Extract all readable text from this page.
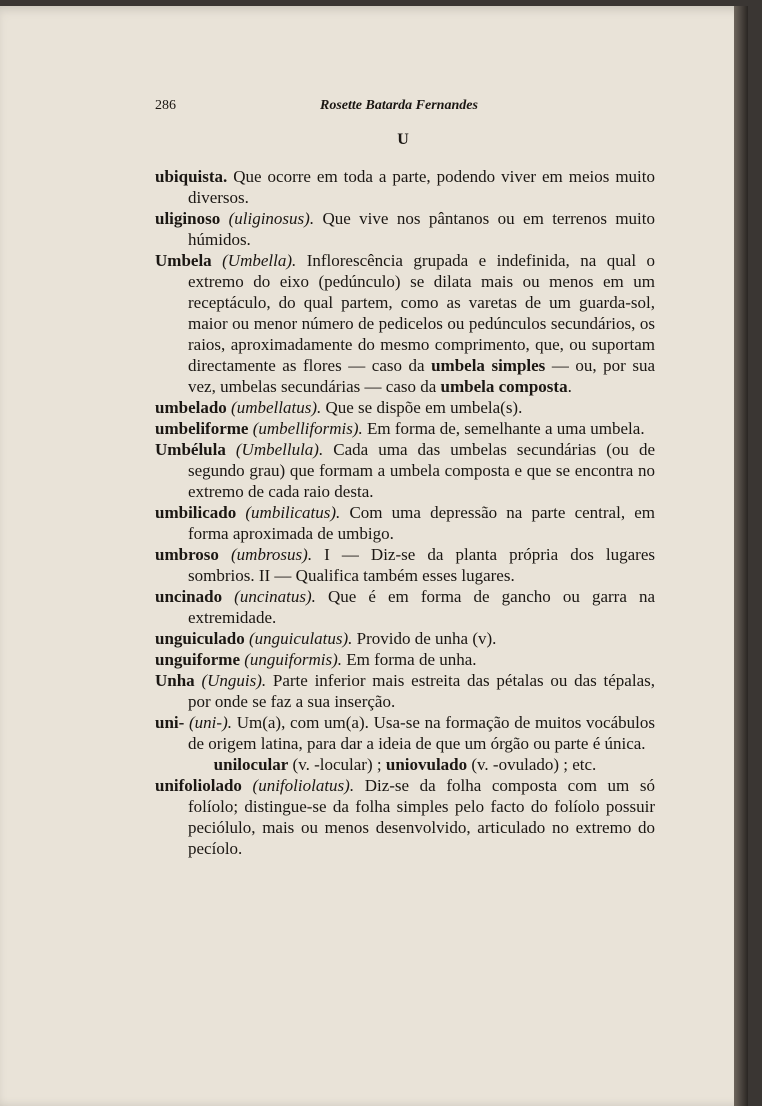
286	Rosette Batarda Fernandes
U

ubiquista. Que ocorre em toda a parte, podendo viver em meios muito diversos.

uliginoso (uliginosus). Que vive nos pântanos ou em terrenos muito húmidos.

Umbela (Umbella). Inflorescência grupada e indefinida, na qual o extremo do eixo (pedúnculo) se dilata mais ou menos em um receptáculo, do qual partem, como as varetas de um guarda-sol, maior ou menor número de pedicelos ou pedúnculos secundários, os raios, aproximadamente do mesmo comprimento, que, ou suportam directamente as flores — caso da umbela simples — ou, por sua vez, umbelas secundárias — caso da umbela composta.

umbelado (umbellatus). Que se dispõe em umbela(s).

umbeliforme (umbelliformis). Em forma de, semelhante a uma umbela.

Umbélula (Umbellula). Cada uma das umbelas secundárias (ou de segundo grau) que formam a umbela composta e que se encontra no extremo de cada raio desta.

umbilicado (umbilicatus). Com uma depressão na parte central, em forma aproximada de umbigo.

umbroso (umbrosus). I — Diz-se da planta própria dos lugares sombrios. II — Qualifica também esses lugares.

uncinado (uncinatus). Que é em forma de gancho ou garra na extremidade.

unguiculado (unguiculatus). Provido de unha (v).

unguiforme (unguiformis). Em forma de unha.

Unha (Unguis). Parte inferior mais estreita das pétalas ou das tépalas, por onde se faz a sua inserção.

uni- (uni-). Um(a), com um(a). Usa-se na formação de muitos vocábulos de origem latina, para dar a ideia de que um órgão ou parte é única.

unilocular (v. -locular) ; uniovulado (v. -ovulado) ; etc.

unifoliolado (unifoliolatus). Diz-se da folha composta com um só folíolo; distingue-se da folha simples pelo facto do folíolo possuir peciólulo, mais ou menos desenvolvido, articulado no extremo do pecíolo.
